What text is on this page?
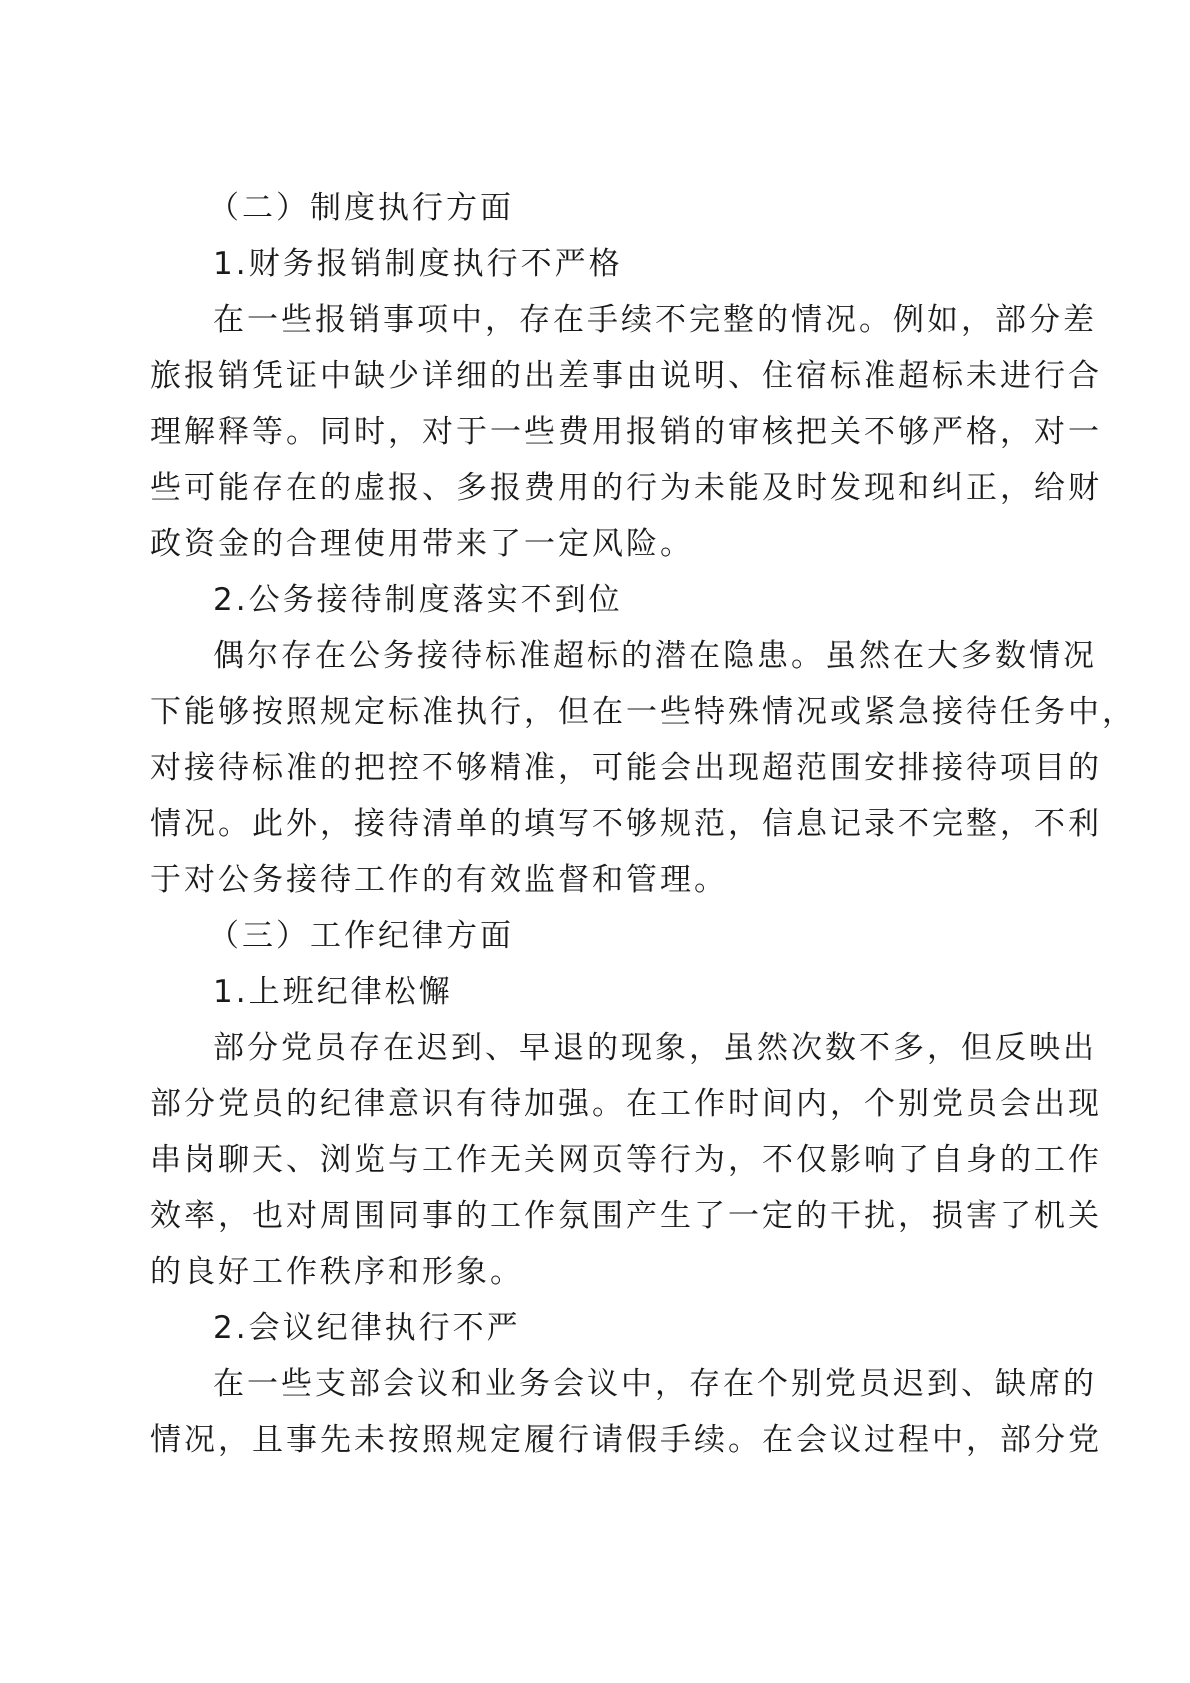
（二）制度执行方面
1.财务报销制度执行不严格
在一些报销事项中，存在手续不完整的情况。例如，部分差
旅报销凭证中缺少详细的出差事由说明、住宿标准超标未进行合
理解释等。同时，对于一些费用报销的审核把关不够严格，对一
些可能存在的虚报、多报费用的行为未能及时发现和纠正，给财
政资金的合理使用带来了一定风险。
2.公务接待制度落实不到位
偶尔存在公务接待标准超标的潜在隐患。虽然在大多数情况
下能够按照规定标准执行，但在一些特殊情况或紧急接待任务中，
对接待标准的把控不够精准，可能会出现超范围安排接待项目的
情况。此外，接待清单的填写不够规范，信息记录不完整，不利
于对公务接待工作的有效监督和管理。
（三）工作纪律方面
1.上班纪律松懈
部分党员存在迟到、早退的现象，虽然次数不多，但反映出
部分党员的纪律意识有待加强。在工作时间内，个别党员会出现
串岗聊天、浏览与工作无关网页等行为，不仅影响了自身的工作
效率，也对周围同事的工作氛围产生了一定的干扰，损害了机关
的良好工作秩序和形象。
2.会议纪律执行不严
在一些支部会议和业务会议中，存在个别党员迟到、缺席的
情况，且事先未按照规定履行请假手续。在会议过程中，部分党
